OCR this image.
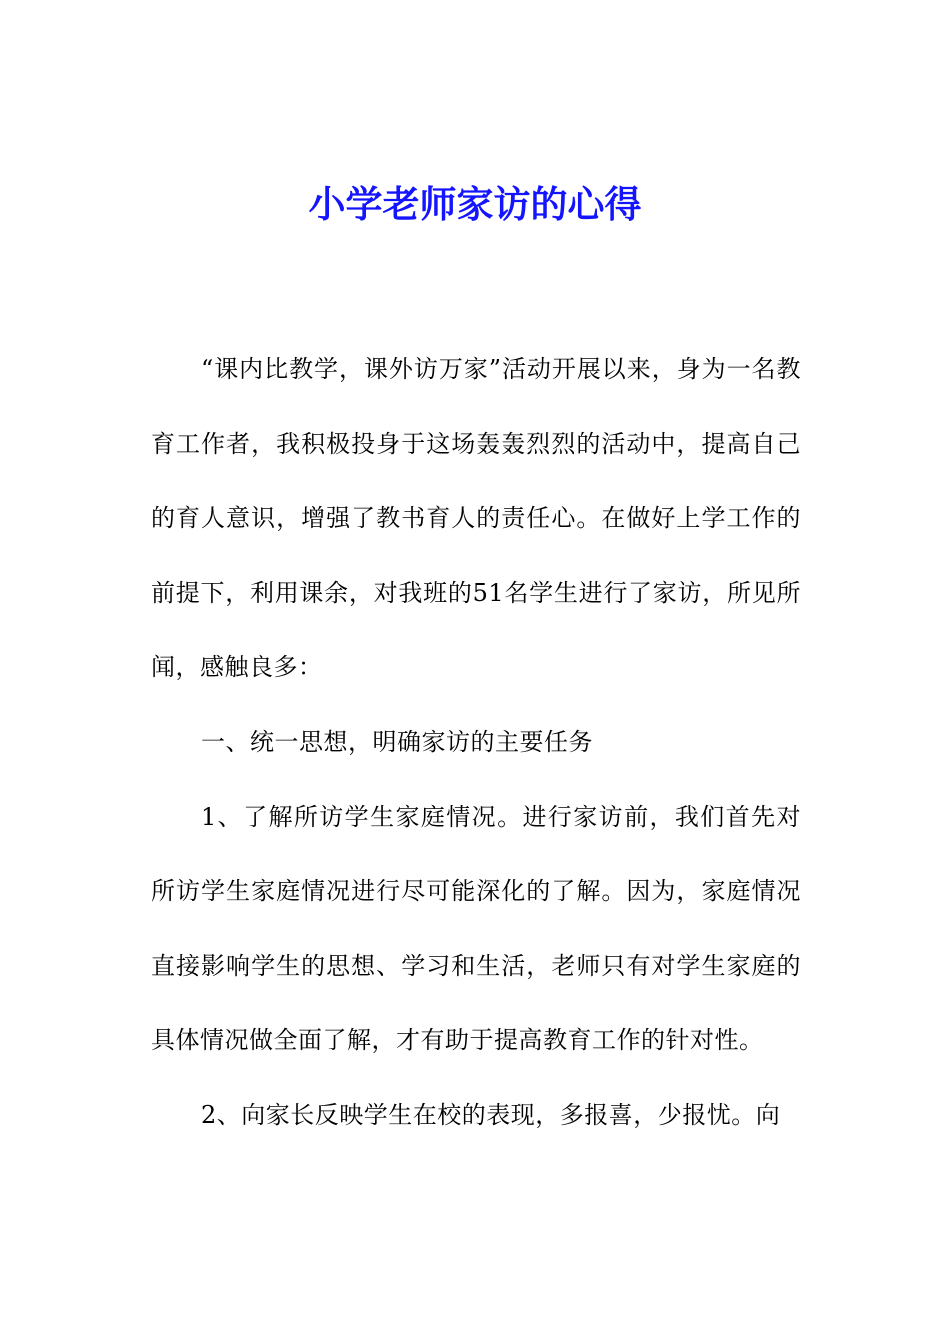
小学老师家访的心得

“课内比教学，课外访万家”活动开展以来，身为一名教育工作者，我积极投身于这场轰轰烈烈的活动中，提高自己的育人意识，增强了教书育人的责任心。在做好上学工作的前提下，利用课余，对我班的51名学生进行了家访，所见所闻，感触良多：

一、统一思想，明确家访的主要任务

1、了解所访学生家庭情况。进行家访前，我们首先对所访学生家庭情况进行尽可能深化的了解。因为，家庭情况直接影响学生的思想、学习和生活，老师只有对学生家庭的具体情况做全面了解，才有助于提高教育工作的针对性。

2、向家长反映学生在校的表现，多报喜，少报忧。向
